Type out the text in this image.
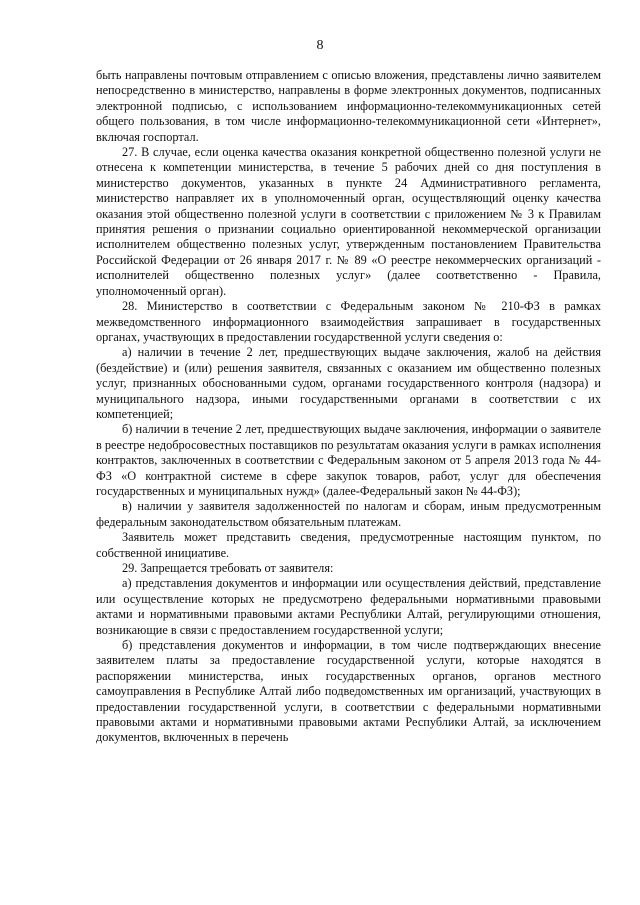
8

быть направлены почтовым отправлением с описью вложения, представлены лично заявителем непосредственно в министерство, направлены в форме электронных документов, подписанных электронной подписью, с использованием информационно-телекоммуникационных сетей общего пользования, в том числе информационно-телекоммуникационной сети «Интернет», включая госпортал.

27. В случае, если оценка качества оказания конкретной общественно полезной услуги не отнесена к компетенции министерства, в течение 5 рабочих дней со дня поступления в министерство документов, указанных в пункте 24 Административного регламента, министерство направляет их в уполномоченный орган, осуществляющий оценку качества оказания этой общественно полезной услуги в соответствии с приложением № 3 к Правилам принятия решения о признании социально ориентированной некоммерческой организации исполнителем общественно полезных услуг, утвержденным постановлением Правительства Российской Федерации от 26 января 2017 г. № 89 «О реестре некоммерческих организаций - исполнителей общественно полезных услуг» (далее соответственно - Правила, уполномоченный орган).

28. Министерство в соответствии с Федеральным законом № 210-ФЗ в рамках межведомственного информационного взаимодействия запрашивает в государственных органах, участвующих в предоставлении государственной услуги сведения о:

а) наличии в течение 2 лет, предшествующих выдаче заключения, жалоб на действия (бездействие) и (или) решения заявителя, связанных с оказанием им общественно полезных услуг, признанных обоснованными судом, органами государственного контроля (надзора) и муниципального надзора, иными государственными органами в соответствии с их компетенцией;

б) наличии в течение 2 лет, предшествующих выдаче заключения, информации о заявителе в реестре недобросовестных поставщиков по результатам оказания услуги в рамках исполнения контрактов, заключенных в соответствии с Федеральным законом от 5 апреля 2013 года № 44-ФЗ «О контрактной системе в сфере закупок товаров, работ, услуг для обеспечения государственных и муниципальных нужд» (далее-Федеральный закон № 44-ФЗ);

в) наличии у заявителя задолженностей по налогам и сборам, иным предусмотренным федеральным законодательством обязательным платежам.

Заявитель может представить сведения, предусмотренные настоящим пунктом, по собственной инициативе.

29. Запрещается требовать от заявителя:

а) представления документов и информации или осуществления действий, представление или осуществление которых не предусмотрено федеральными нормативными правовыми актами и нормативными правовыми актами Республики Алтай, регулирующими отношения, возникающие в связи с предоставлением государственной услуги;

б) представления документов и информации, в том числе подтверждающих внесение заявителем платы за предоставление государственной услуги, которые находятся в распоряжении министерства, иных государственных органов, органов местного самоуправления в Республике Алтай либо подведомственных им организаций, участвующих в предоставлении государственной услуги, в соответствии с федеральными нормативными правовыми актами и нормативными правовыми актами Республики Алтай, за исключением документов, включенных в перечень
